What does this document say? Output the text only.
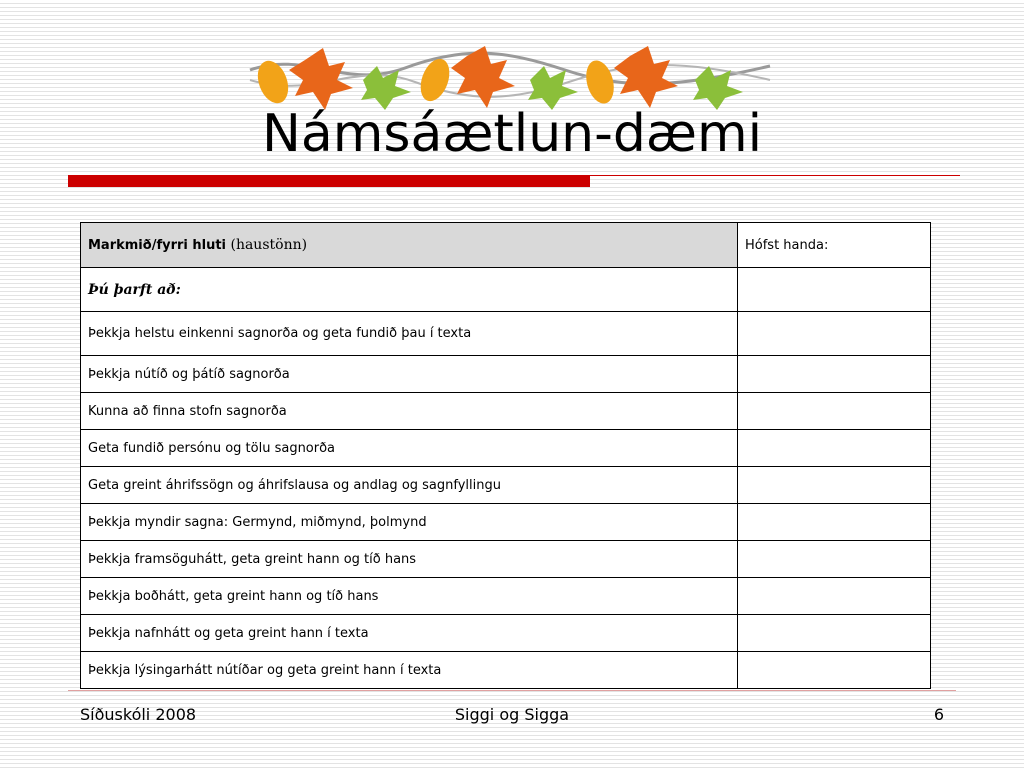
Námsáætlun-dæmi
Markmið/fyrri hluti (haustönn)	Hófst handa:
Þú þarft að:	
Þekkja helstu einkenni sagnorða og geta fundið þau í texta	
Þekkja nútíð og þátíð sagnorða	
Kunna að finna stofn sagnorða	
Geta fundið persónu og tölu sagnorða	
Geta greint áhrifssögn og áhrifslausa og andlag og sagnfyllingu	
Þekkja myndir sagna: Germynd, miðmynd, þolmynd	
Þekkja framsöguhátt, geta greint hann og tíð hans	
Þekkja boðhátt, geta greint hann og tíð hans	
Þekkja nafnhátt og geta greint hann í texta	
Þekkja lýsingarhátt nútíðar og geta greint hann í texta	
Síðuskóli 2008	Siggi og Sigga	6
